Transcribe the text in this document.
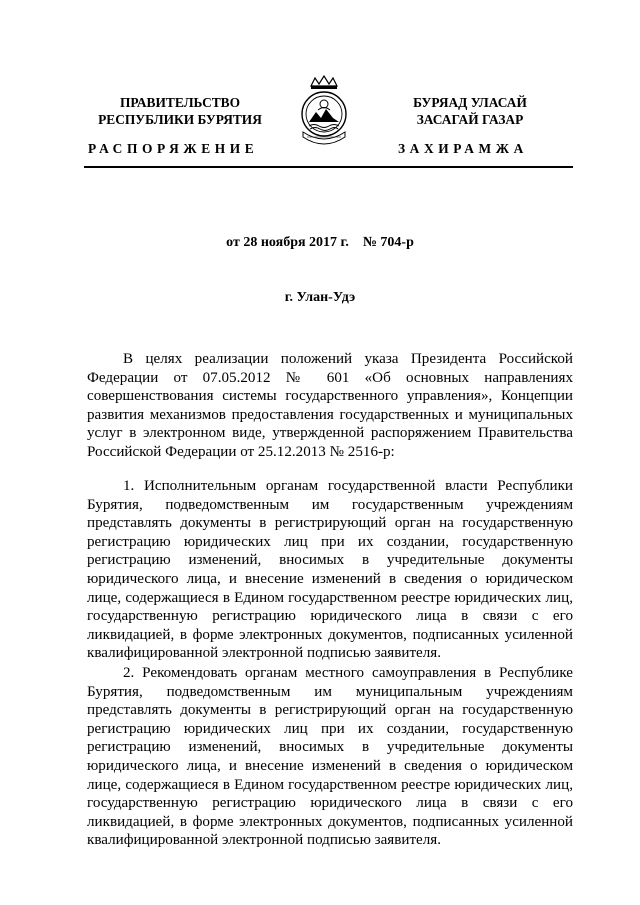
ПРАВИТЕЛЬСТВО
РЕСПУБЛИКИ БУРЯТИЯ
БУРЯАД УЛАСАЙ
ЗАСАГАЙ ГАЗАР
РАСПОРЯЖЕНИЕ	ЗАХИРАМЖА
от 28 ноября 2017 г. № 704-р
г. Улан-Удэ

В целях реализации положений указа Президента Российской Федерации от 07.05.2012 № 601 «Об основных направлениях совершенствования системы государственного управления», Концепции развития механизмов предоставления государственных и муниципальных услуг в электронном виде, утвержденной распоряжением Правительства Российской Федерации от 25.12.2013 № 2516-р:

1. Исполнительным органам государственной власти Республики Бурятия, подведомственным им государственным учреждениям представлять документы в регистрирующий орган на государственную регистрацию юридических лиц при их создании, государственную регистрацию изменений, вносимых в учредительные документы юридического лица, и внесение изменений в сведения о юридическом лице, содержащиеся в Едином государственном реестре юридических лиц, государственную регистрацию юридического лица в связи с его ликвидацией, в форме электронных документов, подписанных усиленной квалифицированной электронной подписью заявителя.

2. Рекомендовать органам местного самоуправления в Республике Бурятия, подведомственным им муниципальным учреждениям представлять документы в регистрирующий орган на государственную регистрацию юридических лиц при их создании, государственную регистрацию изменений, вносимых в учредительные документы юридического лица, и внесение изменений в сведения о юридическом лице, содержащиеся в Едином государственном реестре юридических лиц, государственную регистрацию юридического лица в связи с его ликвидацией, в форме электронных документов, подписанных усиленной квалифицированной электронной подписью заявителя.
